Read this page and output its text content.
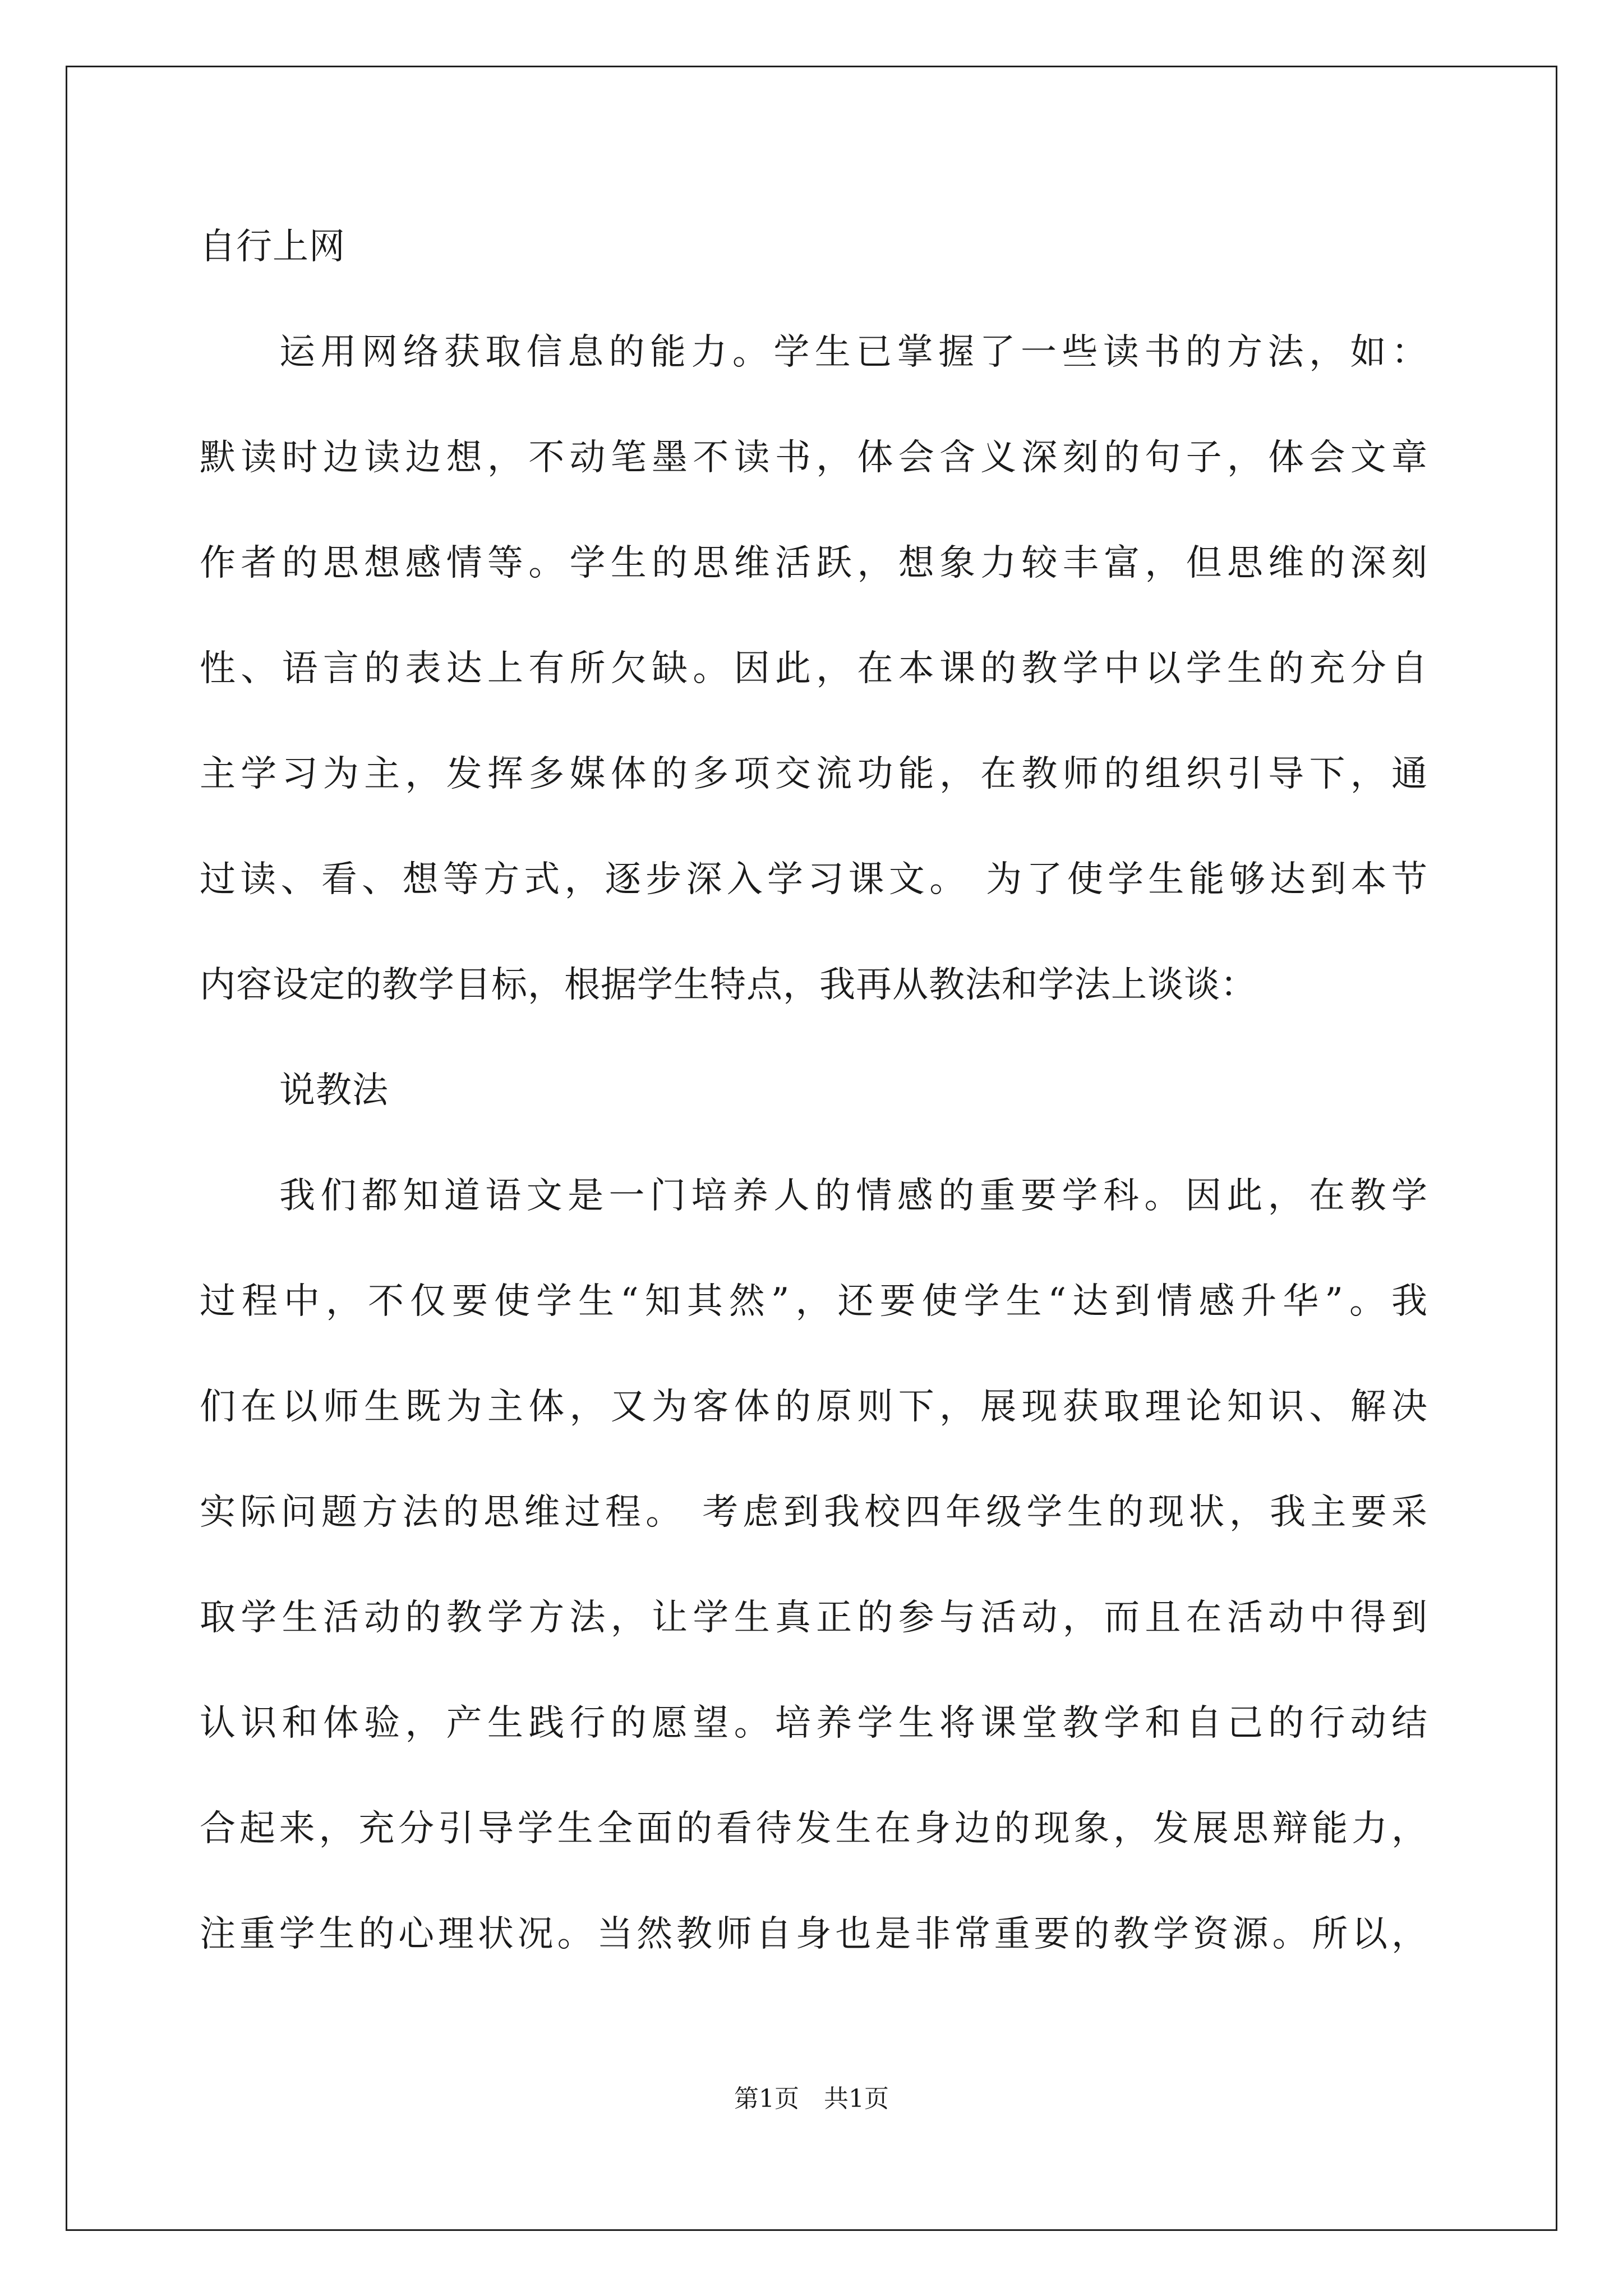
自行上网
运用网络获取信息的能力。学生已掌握了一些读书的方法，如：
默读时边读边想，不动笔墨不读书，体会含义深刻的句子，体会文章
作者的思想感情等。学生的思维活跃，想象力较丰富，但思维的深刻
性、语言的表达上有所欠缺。因此，在本课的教学中以学生的充分自
主学习为主，发挥多媒体的多项交流功能，在教师的组织引导下，通
过读、看、想等方式，逐步深入学习课文。 为了使学生能够达到本节
内容设定的教学目标，根据学生特点，我再从教法和学法上谈谈：
说教法
我们都知道语文是一门培养人的情感的重要学科。因此，在教学
过程中，不仅要使学生“知其然”，还要使学生“达到情感升华”。我
们在以师生既为主体，又为客体的原则下，展现获取理论知识、解决
实际问题方法的思维过程。 考虑到我校四年级学生的现状，我主要采
取学生活动的教学方法，让学生真正的参与活动，而且在活动中得到
认识和体验，产生践行的愿望。培养学生将课堂教学和自己的行动结
合起来，充分引导学生全面的看待发生在身边的现象，发展思辩能力，
注重学生的心理状况。当然教师自身也是非常重要的教学资源。所以，
第1页　共1页
